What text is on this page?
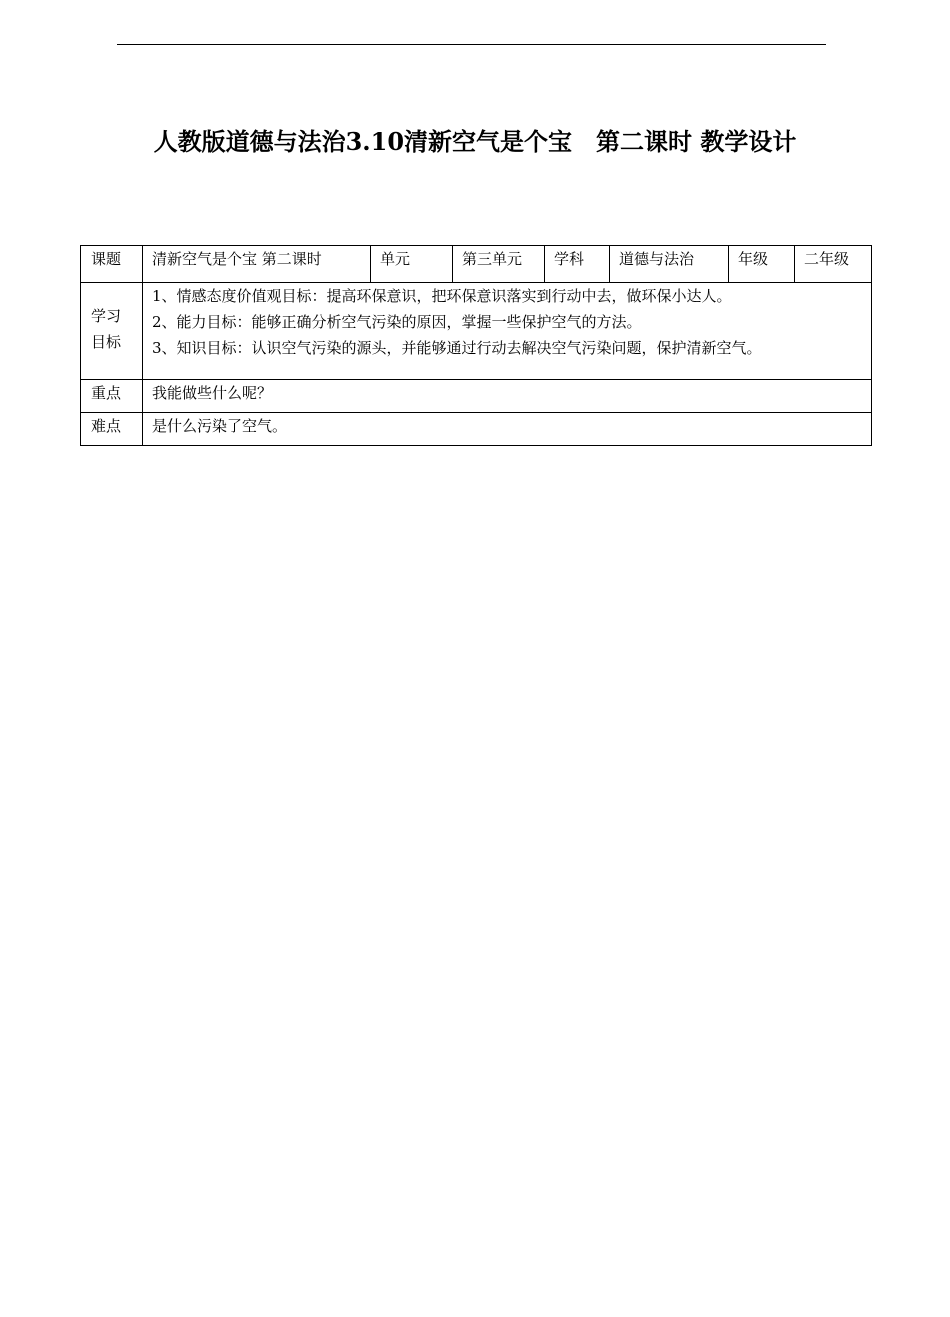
人教版道德与法治3.10清新空气是个宝　第二课时 教学设计
课题	清新空气是个宝 第二课时	单元	第三单元	学科	道德与法治	年级	二年级

学习目标	1、情感态度价值观目标：提高环保意识，把环保意识落实到行动中去，做环保小达人。
2、能力目标：能够正确分析空气污染的原因，掌握一些保护空气的方法。
3、知识目标：认识空气污染的源头，并能够通过行动去解决空气污染问题，保护清新空气。						

重点	我能做些什么呢？						
难点	是什么污染了空气。						
